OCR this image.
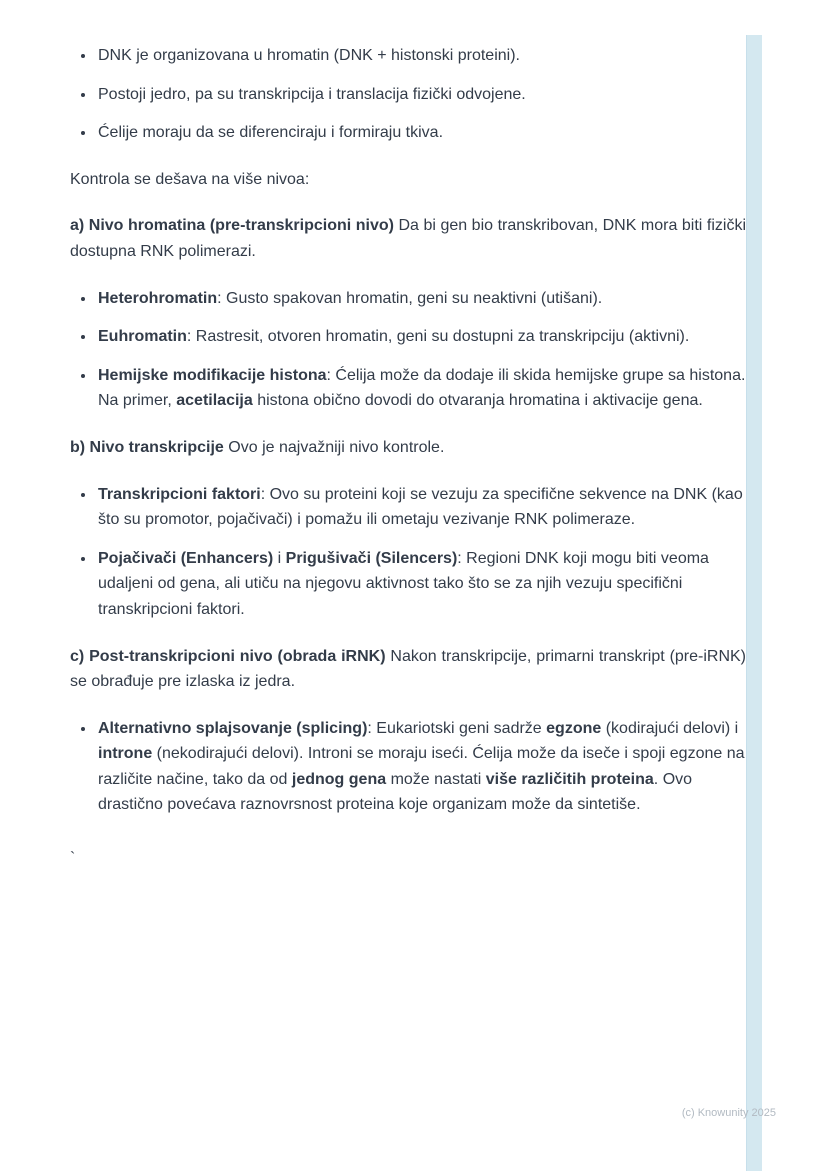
• DNK je organizovana u hromatin (DNK + histonski proteini).
• Postoji jedro, pa su transkripcija i translacija fizički odvojene.
• Ćelije moraju da se diferenciraju i formiraju tkiva.

Kontrola se dešava na više nivoa:

a) Nivo hromatina (pre-transkripcioni nivo) Da bi gen bio transkribovan, DNK mora biti fizički dostupna RNK polimerazi.

• Heterohromatin: Gusto spakovan hromatin, geni su neaktivni (utišani).
• Euhromatin: Rastresit, otvoren hromatin, geni su dostupni za transkripciju (aktivni).
• Hemijske modifikacije histona: Ćelija može da dodaje ili skida hemijske grupe sa histona. Na primer, acetilacija histona obično dovodi do otvaranja hromatina i aktivacije gena.

b) Nivo transkripcije Ovo je najvažniji nivo kontrole.

• Transkripcioni faktori: Ovo su proteini koji se vezuju za specifične sekvence na DNK (kao što su promotor, pojačivači) i pomažu ili ometaju vezivanje RNK polimeraze.
• Pojačivači (Enhancers) i Prigušivači (Silencers): Regioni DNK koji mogu biti veoma udaljeni od gena, ali utiču na njegovu aktivnost tako što se za njih vezuju specifični transkripcioni faktori.

c) Post-transkripcioni nivo (obrada iRNK) Nakon transkripcije, primarni transkript (pre-iRNK) se obrađuje pre izlaska iz jedra.

• Alternativno splajsovanje (splicing): Eukariotski geni sadrže egzone (kodirajući delovi) i introne (nekodirajući delovi). Introni se moraju iseći. Ćelija može da iseče i spoji egzone na različite načine, tako da od jednog gena može nastati više različitih proteina. Ovo drastično povećava raznovrsnost proteina koje organizam može da sintetiše.
`
(c) Knowunity 2025
